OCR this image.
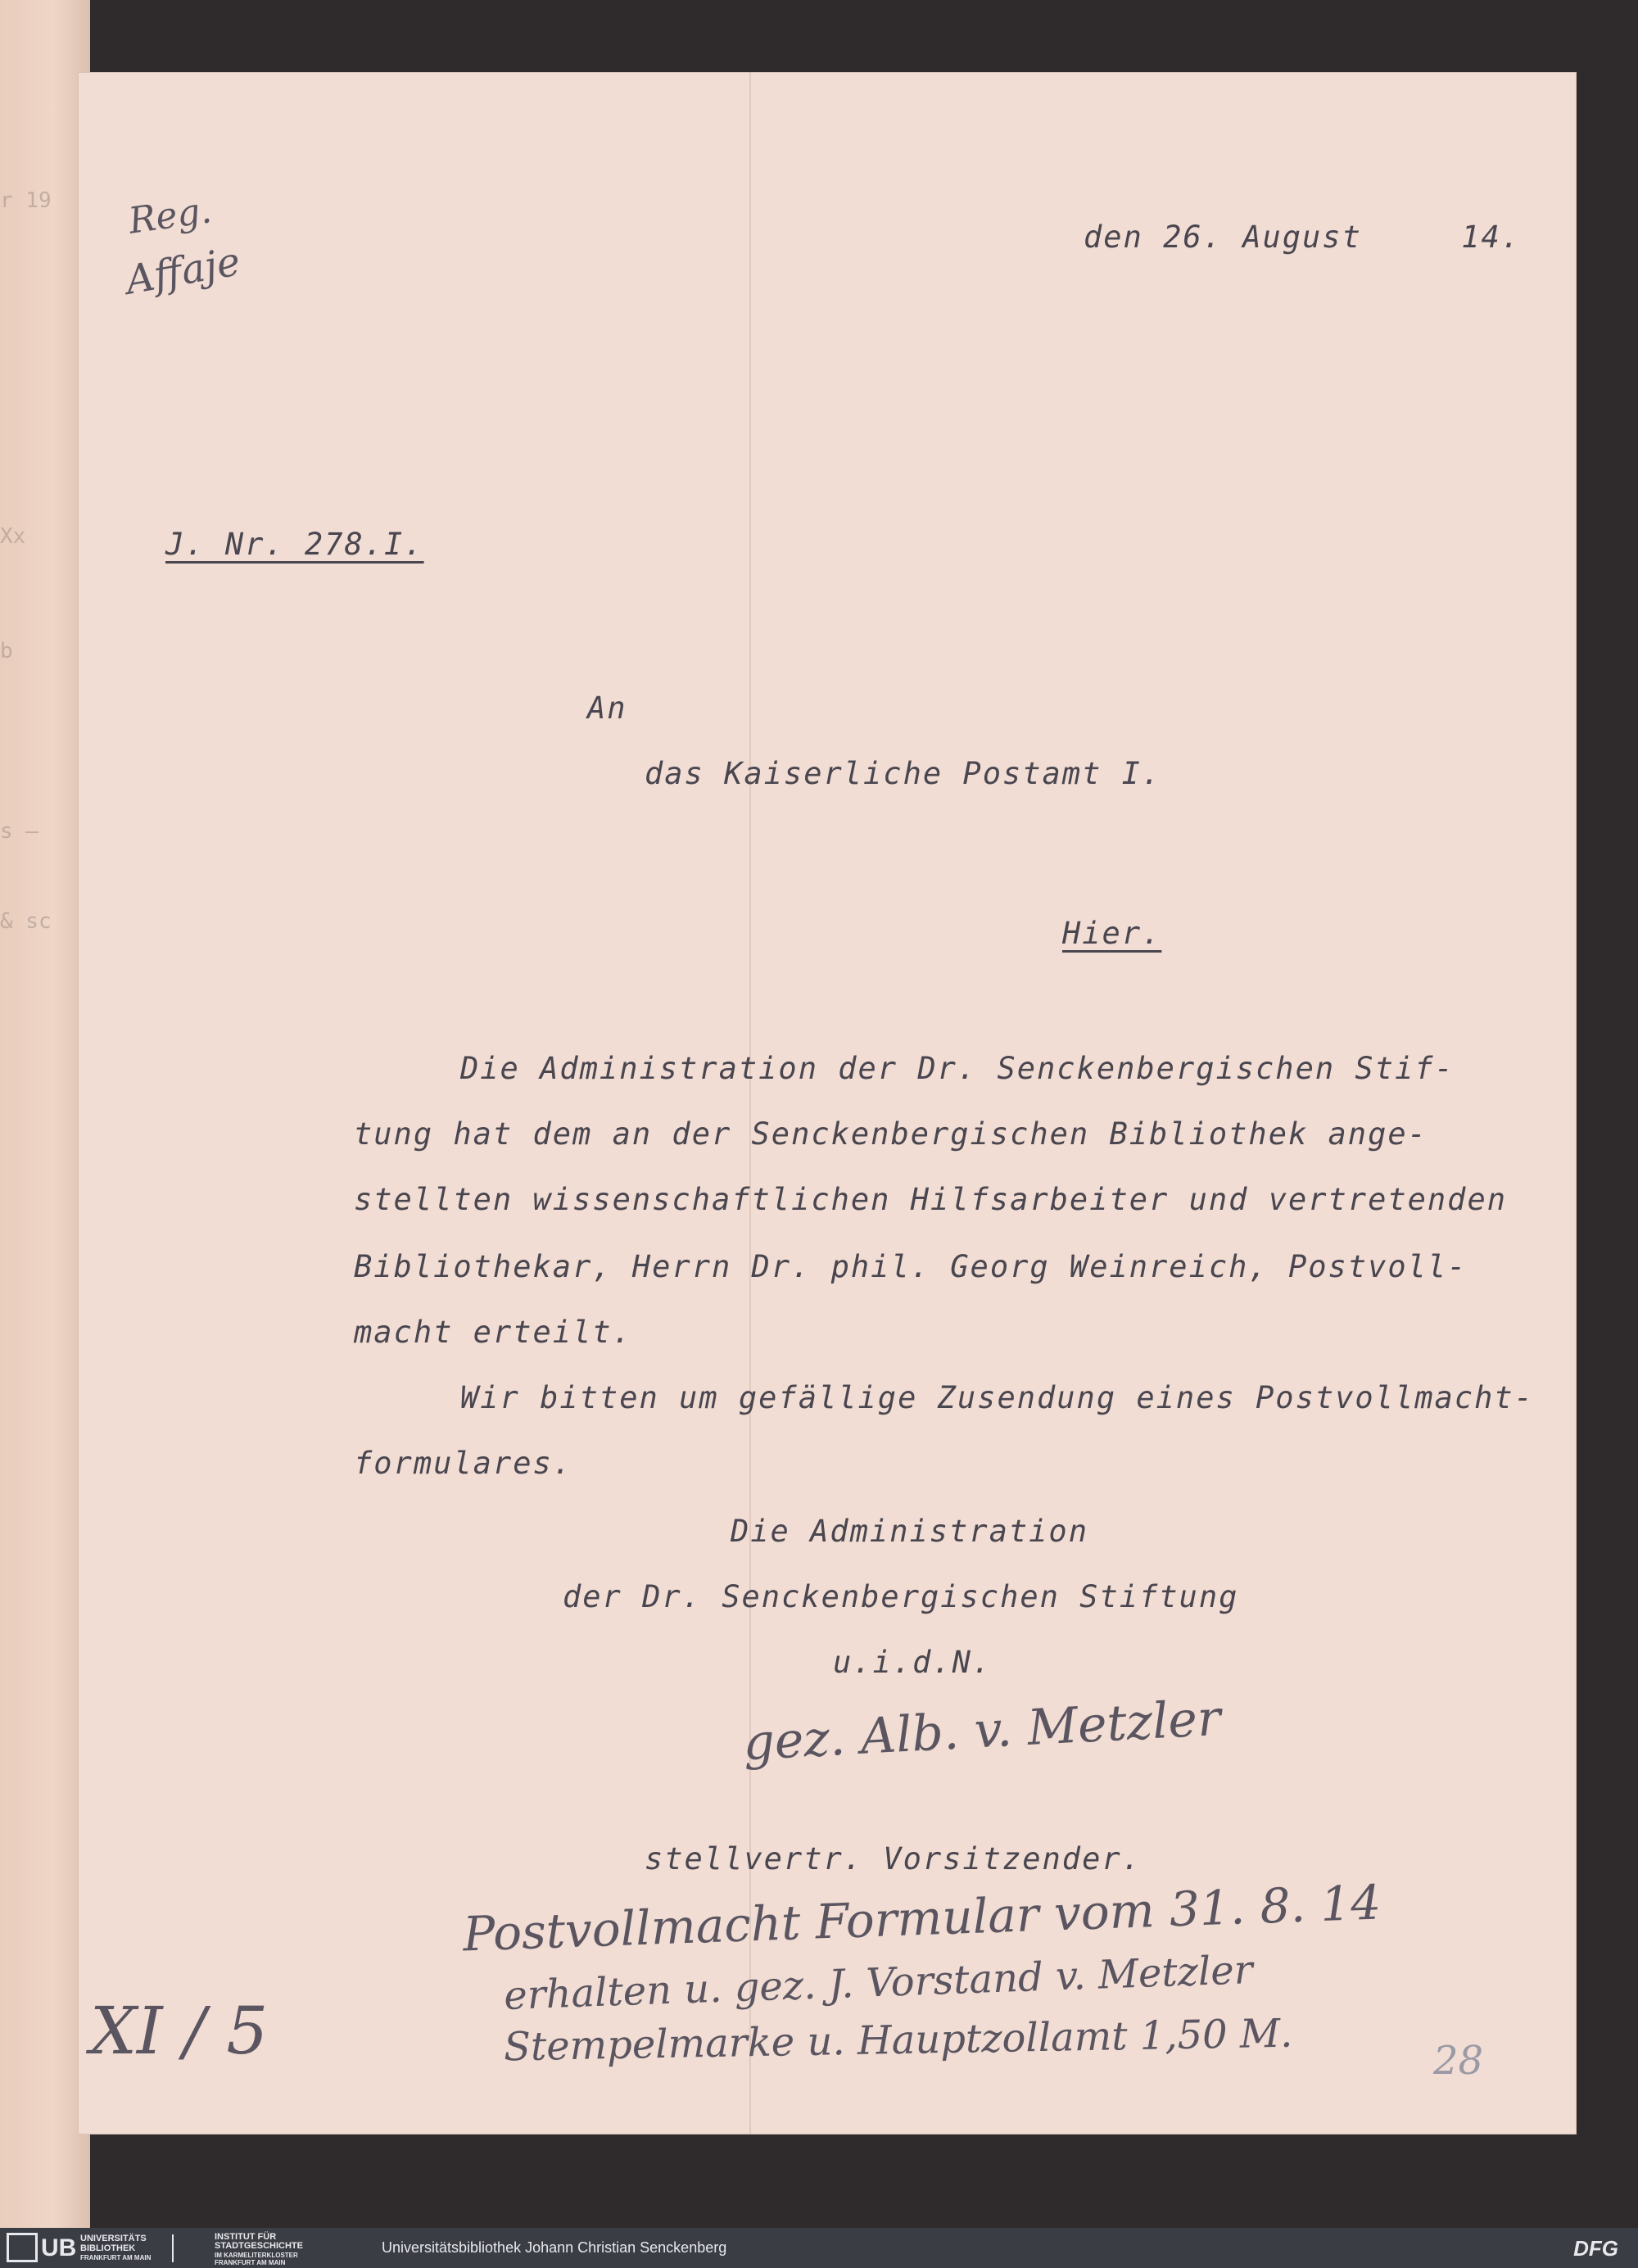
r 19
Xx
b
s —
& sc
den 26. August     14.
Reg.
Affaje
J. Nr. 278.I.
An
das Kaiserliche Postamt I.
Hier.
Die Administration der Dr. Senckenbergischen Stif-
tung hat dem an der Senckenbergischen Bibliothek ange-
stellten wissenschaftlichen Hilfsarbeiter und vertretenden
Bibliothekar, Herrn Dr. phil. Georg Weinreich, Postvoll-
macht erteilt.
Wir bitten um gefällige Zusendung eines Postvollmacht-
formulares.
Die Administration
der Dr. Senckenbergischen Stiftung
u.i.d.N.
gez. Alb. v. Metzler
stellvertr. Vorsitzender.
Postvollmacht Formular vom 31. 8. 14
erhalten u. gez. J. Vorstand v. Metzler
Stempelmarke u. Hauptzollamt 1,50 M.
XI / 5	28
UB UNIVERSITÄTS
BIBLIOTHEK
FRANKFURT AM MAIN
INSTITUT FÜR
STADTGESCHICHTE
IM KARMELITERKLOSTER
FRANKFURT AM MAIN
Universitätsbibliothek Johann Christian Senckenberg	DFG
